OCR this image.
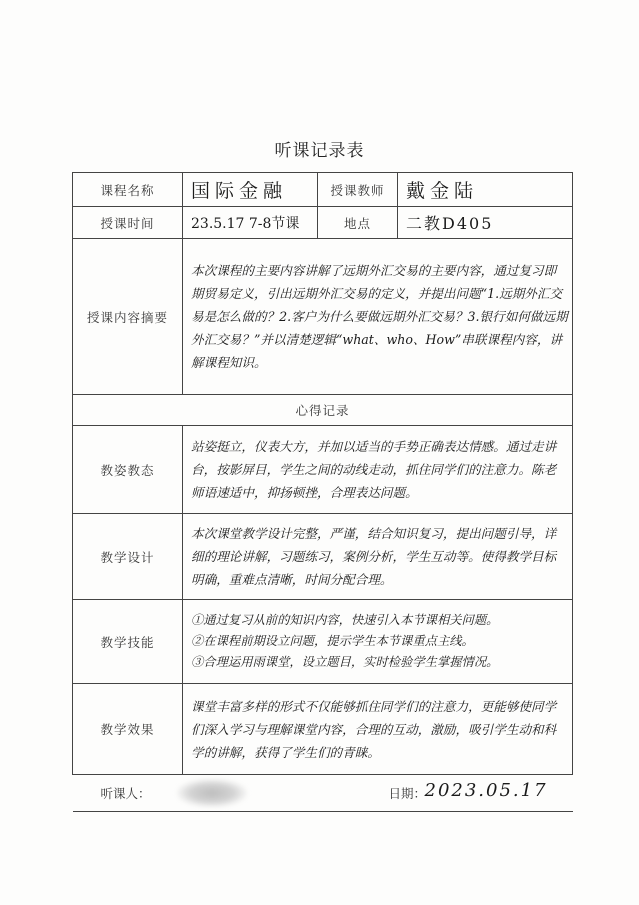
听课记录表
课程名称	国际金融	授课教师	戴金陆
授课时间	23.5.17 7-8节课	地点	二教D405
授课内容摘要	本次课程的主要内容讲解了远期外汇交易的主要内容，通过复习即期贸易定义，引出远期外汇交易的定义，并提出问题“1.远期外汇交易是怎么做的？2.客户为什么要做远期外汇交易？3.银行如何做远期外汇交易？”并以清楚逻辑“what、who、How”串联课程内容，讲解课程知识。		
心得记录			
教姿教态	站姿挺立，仪表大方，并加以适当的手势正确表达情感。通过走讲台，按影屏目，学生之间的动线走动，抓住同学们的注意力。陈老师语速适中，抑扬顿挫，合理表达问题。		
教学设计	本次课堂教学设计完整，严谨，结合知识复习，提出问题引导，详细的理论讲解，习题练习，案例分析，学生互动等。使得教学目标明确，重难点清晰，时间分配合理。		
教学技能	①通过复习从前的知识内容，快速引入本节课相关问题。
②在课程前期设立问题，提示学生本节课重点主线。
③合理运用雨课堂，设立题目，实时检验学生掌握情况。		

教学效果	课堂丰富多样的形式不仅能够抓住同学们的注意力，更能够使同学们深入学习与理解课堂内容，合理的互动，激励，吸引学生动和科学的讲解，获得了学生们的青睐。		

听课人： 日期：
2023.05.17			
